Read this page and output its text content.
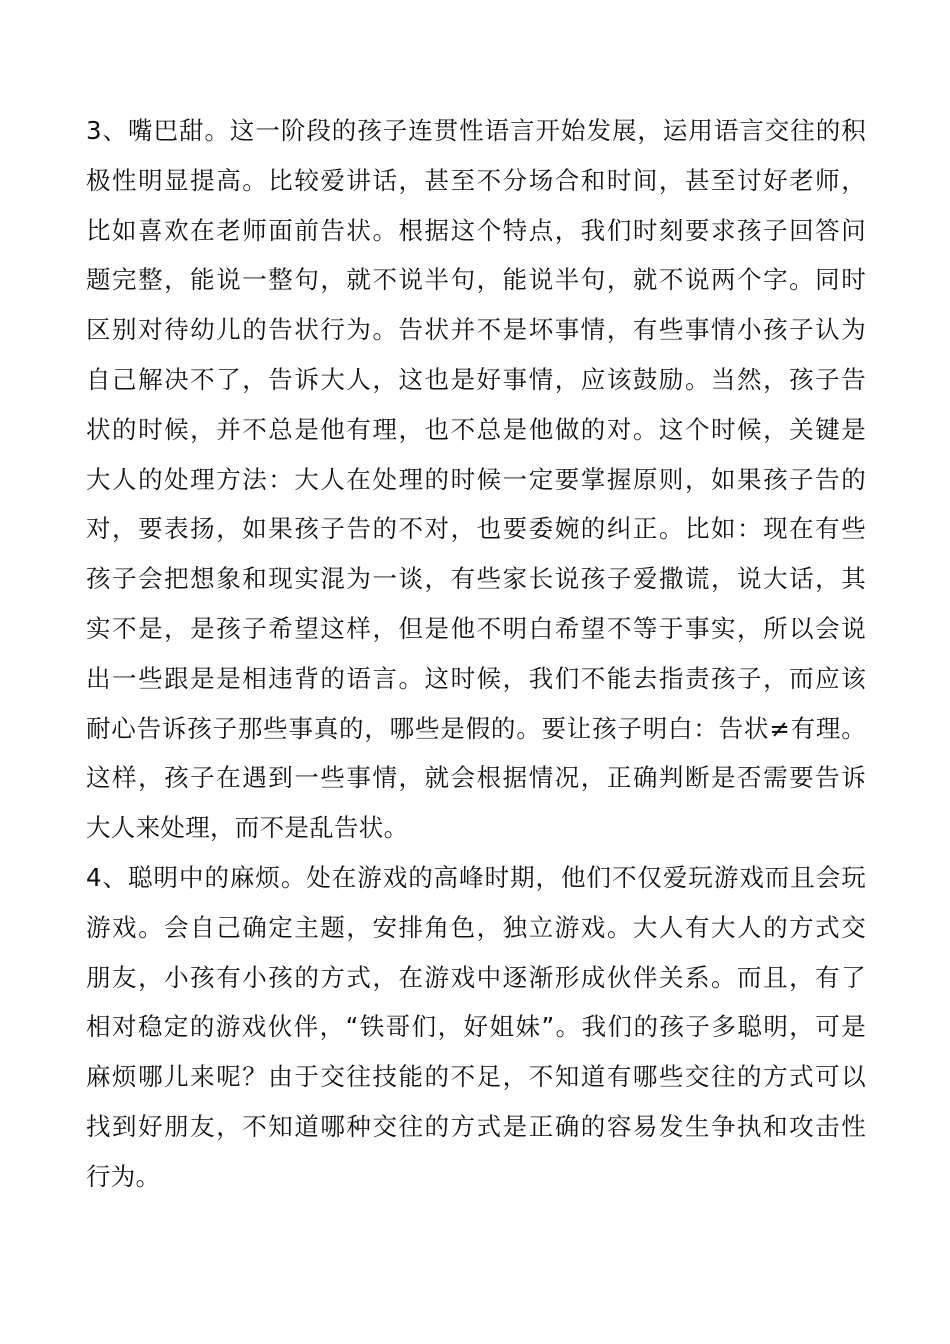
3、嘴巴甜。这一阶段的孩子连贯性语言开始发展，运用语言交往的积
极性明显提高。比较爱讲话，甚至不分场合和时间，甚至讨好老师，
比如喜欢在老师面前告状。根据这个特点，我们时刻要求孩子回答问
题完整，能说一整句，就不说半句，能说半句，就不说两个字。同时
区别对待幼儿的告状行为。告状并不是坏事情，有些事情小孩子认为
自己解决不了，告诉大人，这也是好事情，应该鼓励。当然，孩子告
状的时候，并不总是他有理，也不总是他做的对。这个时候，关键是
大人的处理方法：大人在处理的时候一定要掌握原则，如果孩子告的
对，要表扬，如果孩子告的不对，也要委婉的纠正。比如：现在有些
孩子会把想象和现实混为一谈，有些家长说孩子爱撒谎，说大话，其
实不是，是孩子希望这样，但是他不明白希望不等于事实，所以会说
出一些跟是是相违背的语言。这时候，我们不能去指责孩子，而应该
耐心告诉孩子那些事真的，哪些是假的。要让孩子明白：告状≠有理。
这样，孩子在遇到一些事情，就会根据情况，正确判断是否需要告诉
大人来处理，而不是乱告状。
4、聪明中的麻烦。处在游戏的高峰时期，他们不仅爱玩游戏而且会玩
游戏。会自己确定主题，安排角色，独立游戏。大人有大人的方式交
朋友，小孩有小孩的方式，在游戏中逐渐形成伙伴关系。而且，有了
相对稳定的游戏伙伴，“铁哥们，好姐妹”。我们的孩子多聪明，可是
麻烦哪儿来呢？由于交往技能的不足，不知道有哪些交往的方式可以
找到好朋友，不知道哪种交往的方式是正确的容易发生争执和攻击性
行为。
